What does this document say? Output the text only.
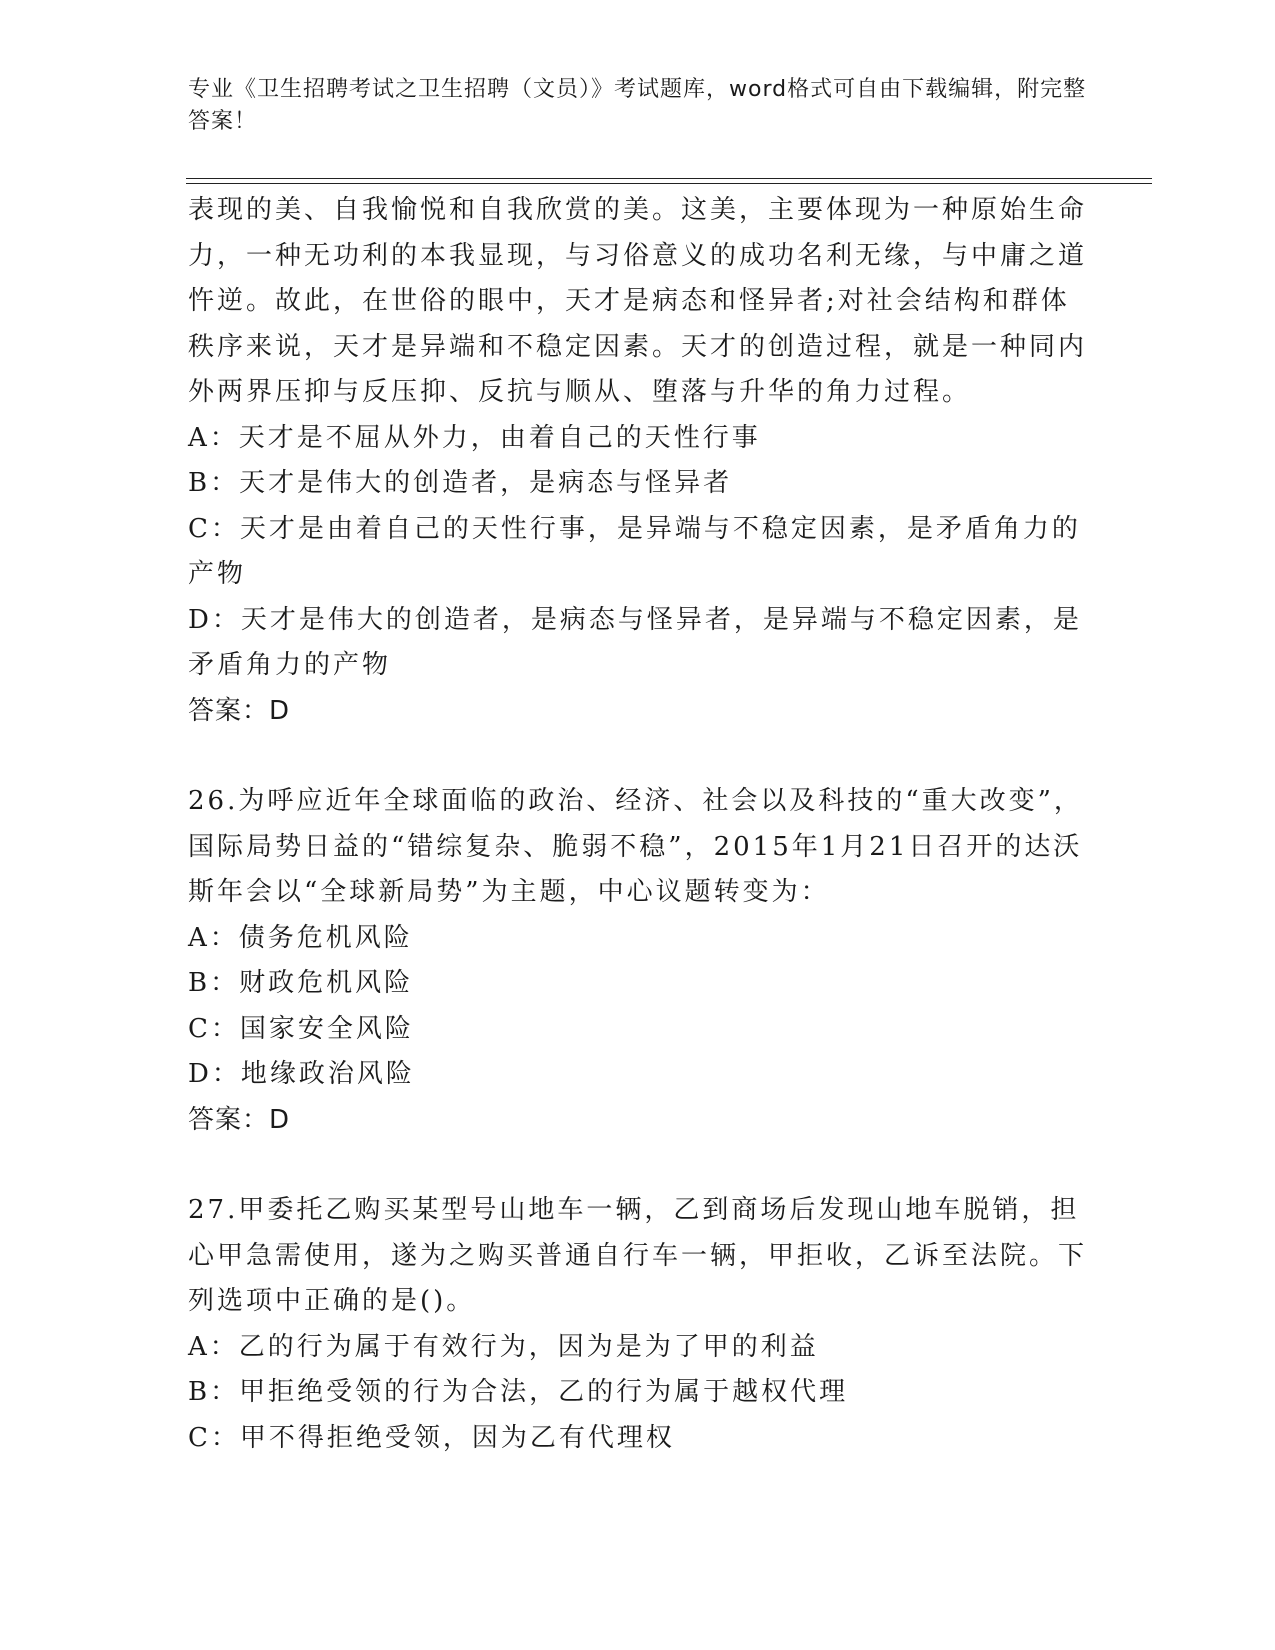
专业《卫生招聘考试之卫生招聘（文员）》考试题库，word格式可自由下载编辑，附完整答案！

表现的美、自我愉悦和自我欣赏的美。这美，主要体现为一种原始生命力，一种无功利的本我显现，与习俗意义的成功名利无缘，与中庸之道忤逆。故此，在世俗的眼中，天才是病态和怪异者;对社会结构和群体秩序来说，天才是异端和不稳定因素。天才的创造过程，就是一种同内外两界压抑与反压抑、反抗与顺从、堕落与升华的角力过程。

A：天才是不屈从外力，由着自己的天性行事

B：天才是伟大的创造者，是病态与怪异者

C：天才是由着自己的天性行事，是异端与不稳定因素，是矛盾角力的产物

D：天才是伟大的创造者，是病态与怪异者，是异端与不稳定因素，是矛盾角力的产物

答案：D

26.为呼应近年全球面临的政治、经济、社会以及科技的“重大改变”，国际局势日益的“错综复杂、脆弱不稳”，2015年1月21日召开的达沃斯年会以“全球新局势”为主题，中心议题转变为：

A：债务危机风险

B：财政危机风险

C：国家安全风险

D：地缘政治风险

答案：D

27.甲委托乙购买某型号山地车一辆，乙到商场后发现山地车脱销，担心甲急需使用，遂为之购买普通自行车一辆，甲拒收，乙诉至法院。下列选项中正确的是()。

A：乙的行为属于有效行为，因为是为了甲的利益

B：甲拒绝受领的行为合法，乙的行为属于越权代理

C：甲不得拒绝受领，因为乙有代理权
